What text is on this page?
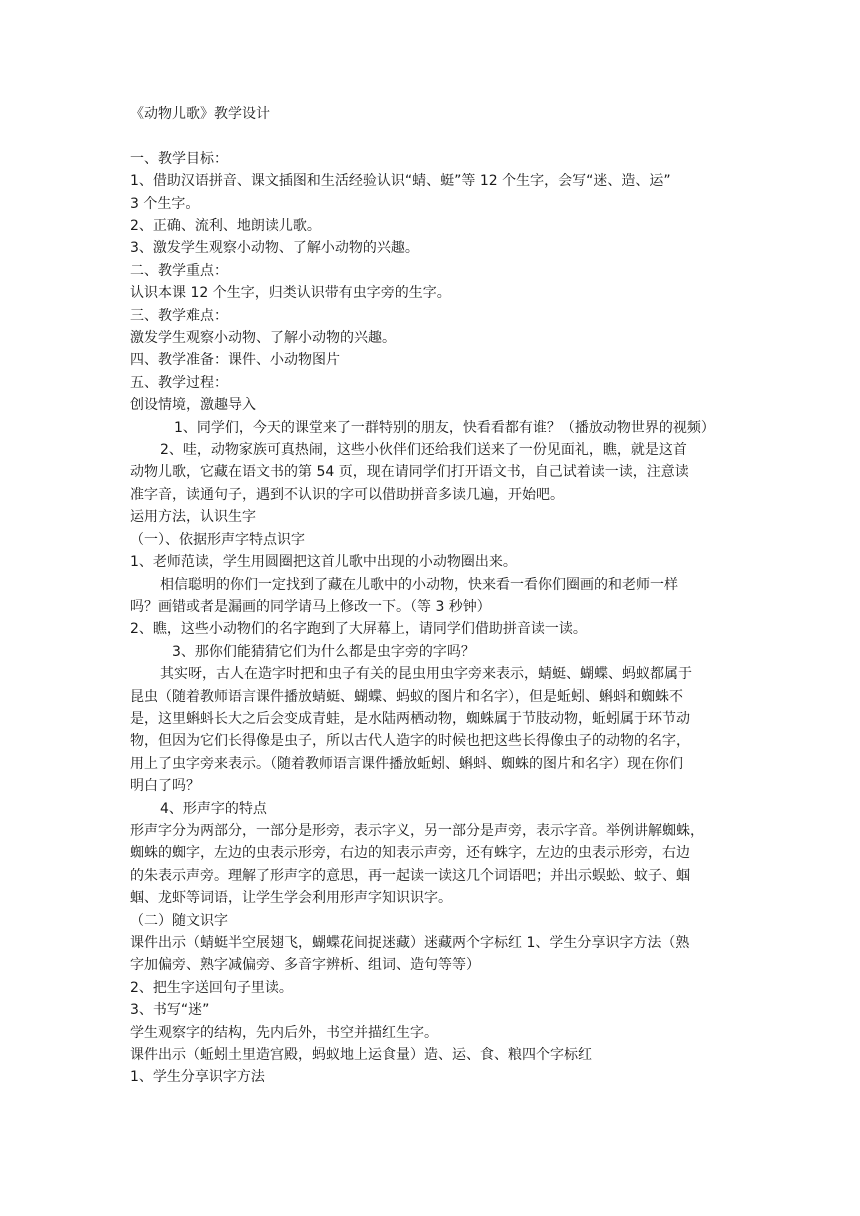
《动物儿歌》教学设计

一、教学目标：

1、借助汉语拼音、课文插图和生活经验认识“蜻、蜓”等 12 个生字，会写“迷、造、运”

3 个生字。

2、正确、流利、地朗读儿歌。

3、激发学生观察小动物、了解小动物的兴趣。

二、教学重点：

认识本课 12 个生字，归类认识带有虫字旁的生字。

三、教学难点：

激发学生观察小动物、了解小动物的兴趣。

四、教学准备：课件、小动物图片

五、教学过程：

创设情境，激趣导入

1、同学们，今天的课堂来了一群特别的朋友，快看看都有谁？（播放动物世界的视频）

2、哇，动物家族可真热闹，这些小伙伴们还给我们送来了一份见面礼，瞧，就是这首

动物儿歌，它藏在语文书的第 54 页，现在请同学们打开语文书，自己试着读一读，注意读

准字音，读通句子，遇到不认识的字可以借助拼音多读几遍，开始吧。

运用方法，认识生字

（一）、依据形声字特点识字

1、老师范读，学生用圆圈把这首儿歌中出现的小动物圈出来。

相信聪明的你们一定找到了藏在儿歌中的小动物，快来看一看你们圈画的和老师一样

吗？画错或者是漏画的同学请马上修改一下。（等 3 秒钟）

2、瞧，这些小动物们的名字跑到了大屏幕上，请同学们借助拼音读一读。

3、那你们能猜猜它们为什么都是虫字旁的字吗？

其实呀，古人在造字时把和虫子有关的昆虫用虫字旁来表示，蜻蜓、蝴蝶、蚂蚁都属于

昆虫（随着教师语言课件播放蜻蜓、蝴蝶、蚂蚁的图片和名字），但是蚯蚓、蝌蚪和蜘蛛不

是，这里蝌蚪长大之后会变成青蛙，是水陆两栖动物，蜘蛛属于节肢动物，蚯蚓属于环节动

物，但因为它们长得像是虫子，所以古代人造字的时候也把这些长得像虫子的动物的名字，

用上了虫字旁来表示。（随着教师语言课件播放蚯蚓、蝌蚪、蜘蛛的图片和名字）现在你们

明白了吗？

4、形声字的特点

形声字分为两部分，一部分是形旁，表示字义，另一部分是声旁，表示字音。举例讲解蜘蛛，

蜘蛛的蜘字，左边的虫表示形旁，右边的知表示声旁，还有蛛字，左边的虫表示形旁，右边

的朱表示声旁。理解了形声字的意思，再一起读一读这几个词语吧；并出示蜈蚣、蚊子、蝈

蝈、龙虾等词语，让学生学会利用形声字知识识字。

（二）随文识字

课件出示（蜻蜓半空展翅飞，蝴蝶花间捉迷藏）迷藏两个字标红 1、学生分享识字方法（熟

字加偏旁、熟字减偏旁、多音字辨析、组词、造句等等）

2、把生字送回句子里读。

3、书写“迷”

学生观察字的结构，先内后外，书空并描红生字。

课件出示（蚯蚓土里造宫殿，蚂蚁地上运食量）造、运、食、粮四个字标红

1、学生分享识字方法
